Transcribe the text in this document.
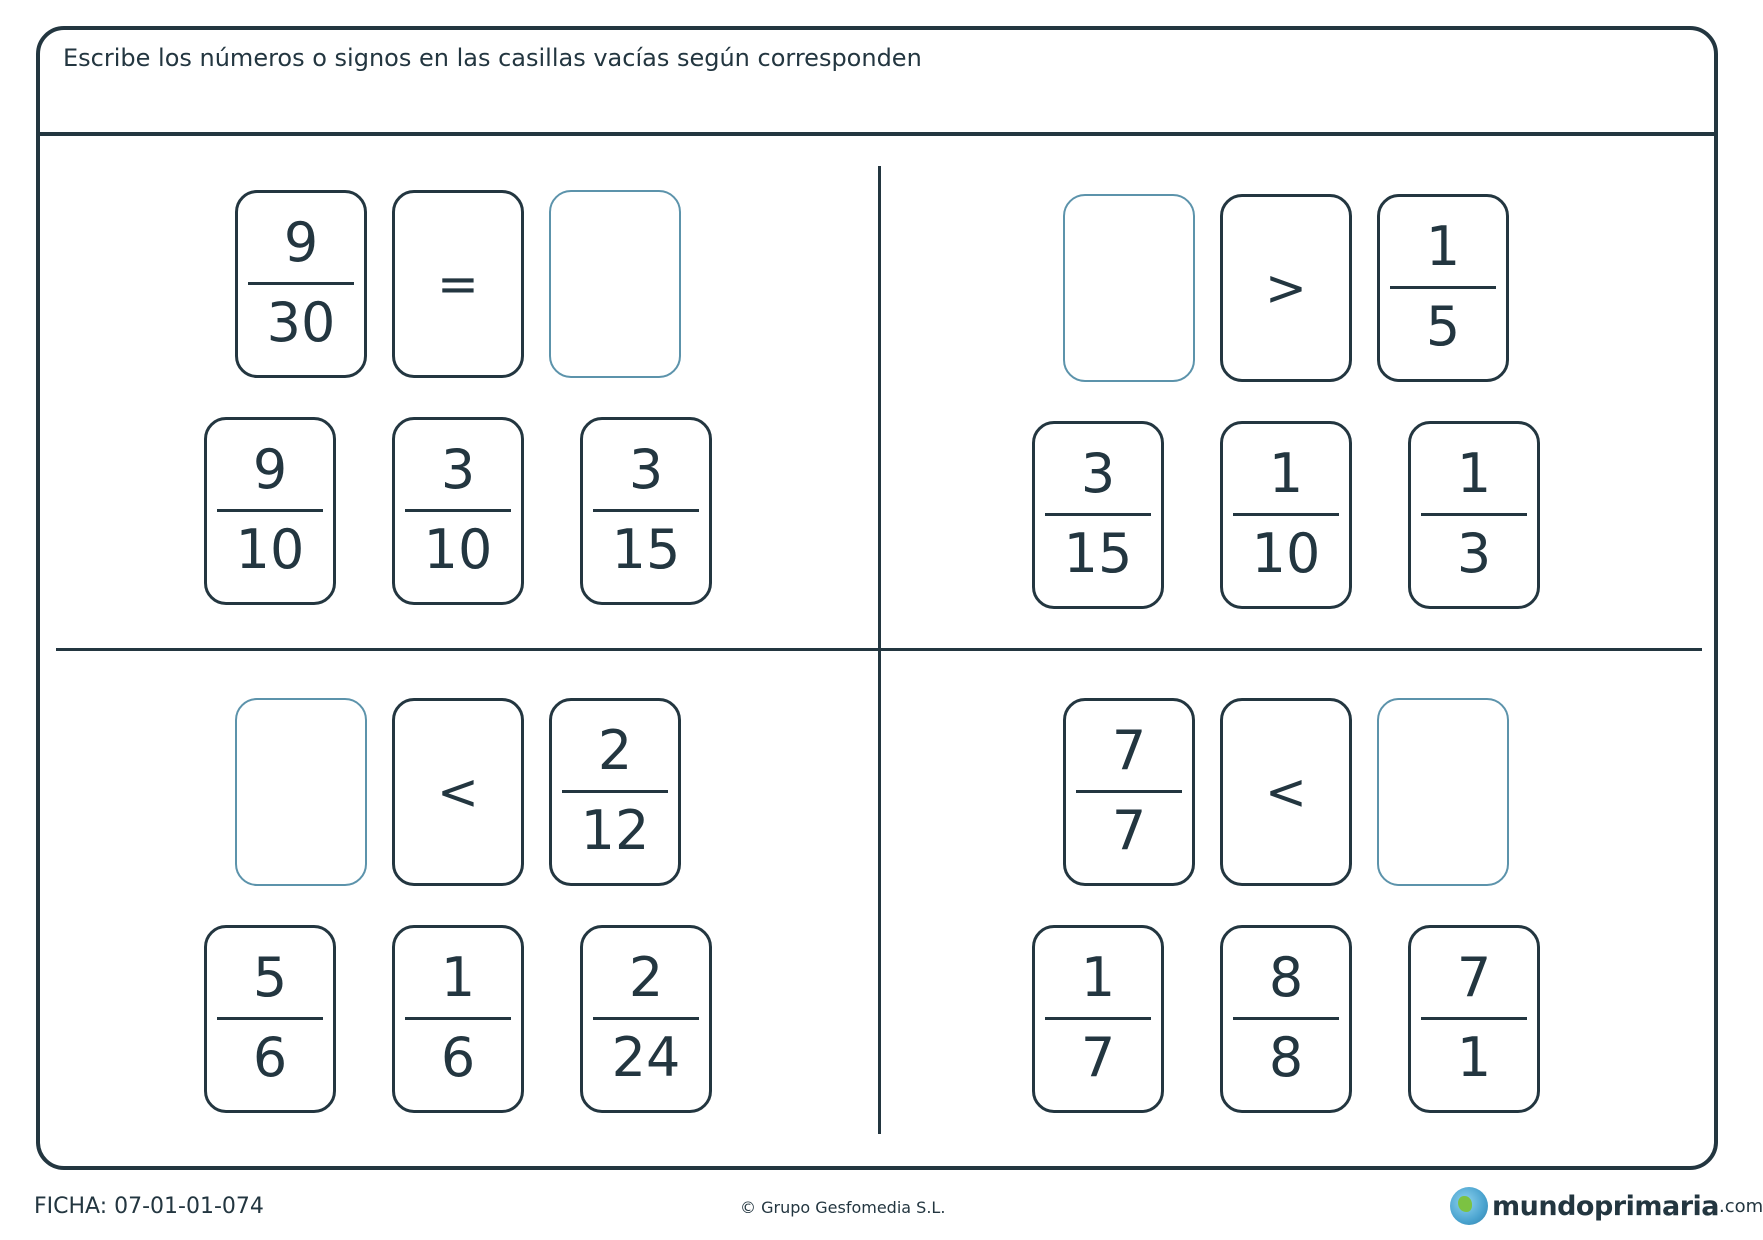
Escribe los números o signos en las casillas vacías según corresponden
9
30
=
9
10
3
10
3
15
>
1
5
3
15
1
10
1
3
<
2
12
5
6
1
6
2
24
7
7
<
1
7
8
8
7
1
FICHA: 07-01-01-074	© Grupo Gesfomedia S.L.	mundoprimaria .com
